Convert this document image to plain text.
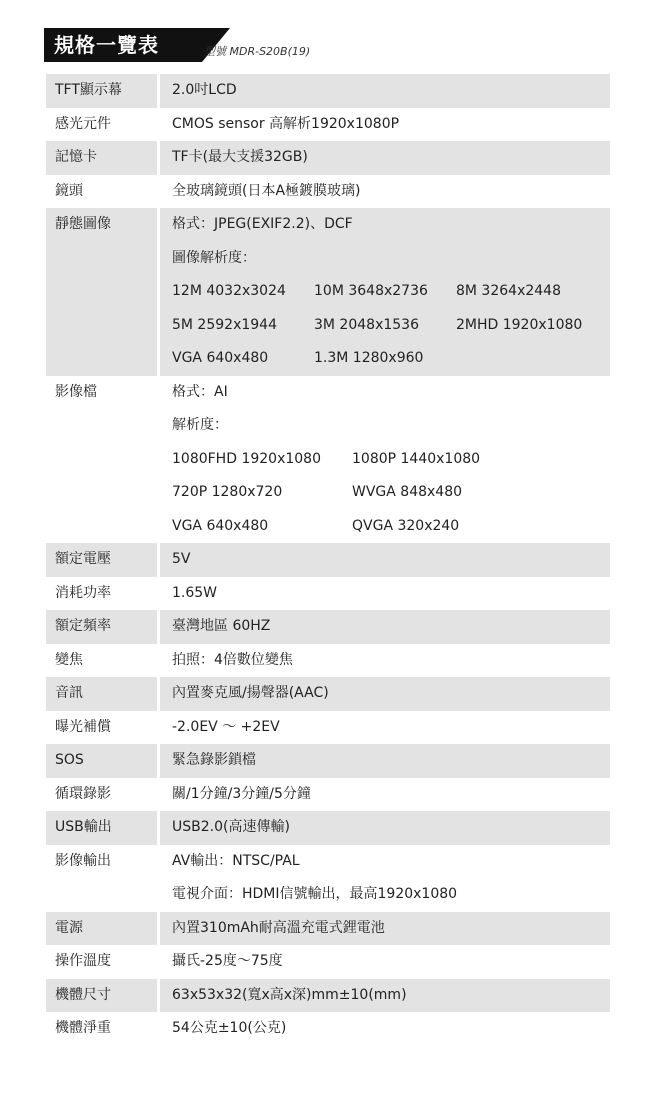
規格一覽表	型號 MDR-S20B(19)
TFT顯示幕	2.0吋LCD
感光元件	CMOS sensor 高解析1920x1080P
記憶卡	TF卡(最大支援32GB)
鏡頭	全玻璃鏡頭(日本A極鍍膜玻璃)
靜態圖像	格式：JPEG(EXIF2.2)、DCF
圖像解析度：
12M 4032x3024 10M 3648x2736 8M 3264x2448
5M 2592x1944	3M 2048x1536	2MHD 1920x1080
VGA 640x480	1.3M 1280x960
影像檔	格式：AI
解析度：
1080FHD 1920x1080 1080P 1440x1080
720P 1280x720	WVGA 848x480
VGA 640x480	QVGA 320x240
額定電壓	5V
消耗功率	1.65W
額定頻率	臺灣地區 60HZ
變焦	拍照：4倍數位變焦
音訊	內置麥克風/揚聲器(AAC)
曝光補償	-2.0EV ～ +2EV
SOS	緊急錄影鎖檔
循環錄影	關/1分鐘/3分鐘/5分鐘
USB輸出	USB2.0(高速傳輸)
影像輸出	AV輸出：NTSC/PAL
電視介面：HDMI信號輸出，最高1920x1080
電源	內置310mAh耐高溫充電式鋰電池
操作溫度	攝氏-25度～75度
機體尺寸	63x53x32(寬x高x深)mm±10(mm)
機體淨重	54公克±10(公克)
